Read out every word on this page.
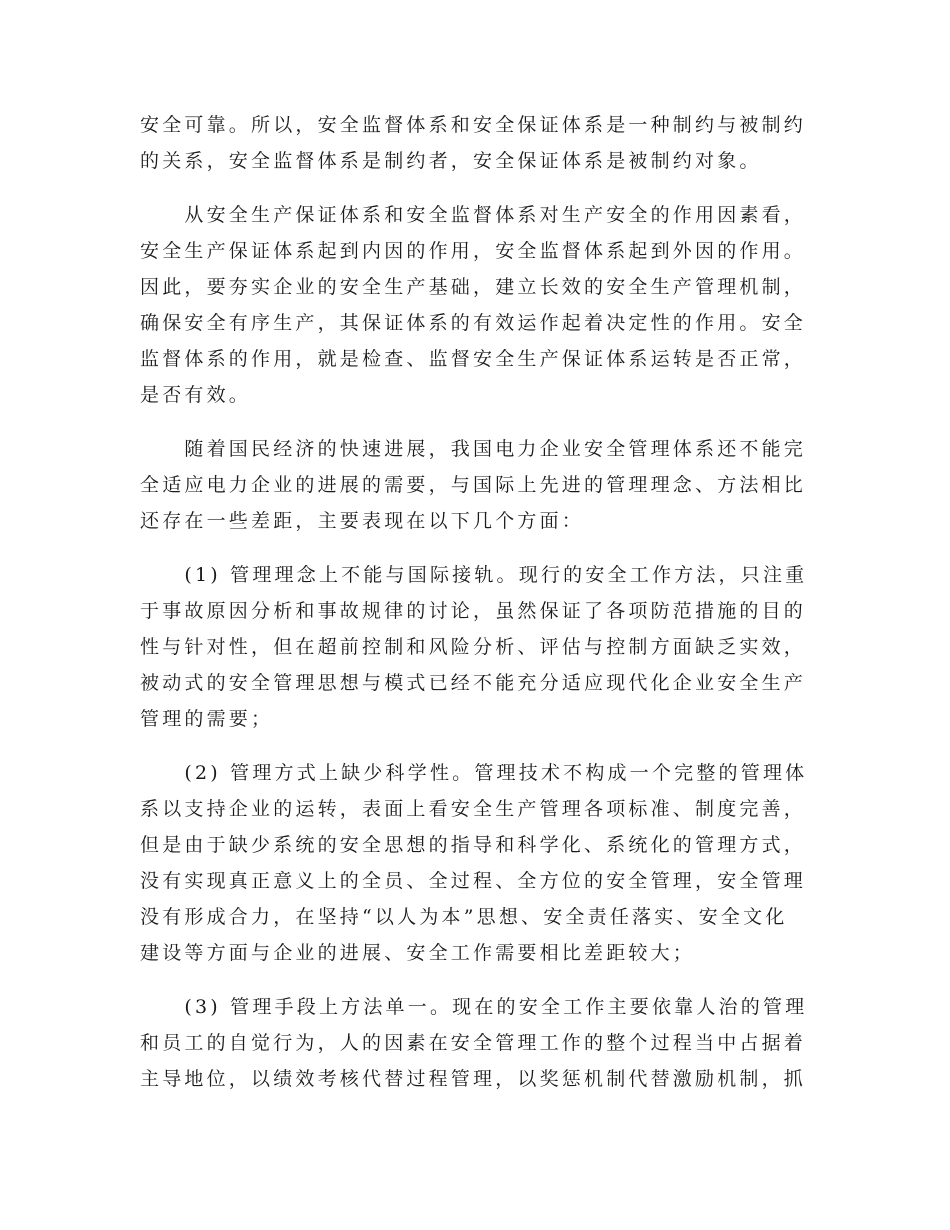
安全可靠。所以，安全监督体系和安全保证体系是一种制约与被制约
的关系，安全监督体系是制约者，安全保证体系是被制约对象。

　　从安全生产保证体系和安全监督体系对生产安全的作用因素看，
安全生产保证体系起到内因的作用，安全监督体系起到外因的作用。
因此，要夯实企业的安全生产基础，建立长效的安全生产管理机制，
确保安全有序生产，其保证体系的有效运作起着决定性的作用。安全
监督体系的作用，就是检查、监督安全生产保证体系运转是否正常，
是否有效。

　　随着国民经济的快速进展，我国电力企业安全管理体系还不能完
全适应电力企业的进展的需要，与国际上先进的管理理念、方法相比
还存在一些差距，主要表现在以下几个方面：

　　(1) 管理理念上不能与国际接轨。现行的安全工作方法，只注重
于事故原因分析和事故规律的讨论，虽然保证了各项防范措施的目的
性与针对性，但在超前控制和风险分析、评估与控制方面缺乏实效，
被动式的安全管理思想与模式已经不能充分适应现代化企业安全生产
管理的需要；

　　(2) 管理方式上缺少科学性。管理技术不构成一个完整的管理体
系以支持企业的运转，表面上看安全生产管理各项标准、制度完善，
但是由于缺少系统的安全思想的指导和科学化、系统化的管理方式，
没有实现真正意义上的全员、全过程、全方位的安全管理，安全管理
没有形成合力，在坚持“以人为本”思想、安全责任落实、安全文化
建设等方面与企业的进展、安全工作需要相比差距较大；

　　(3) 管理手段上方法单一。现在的安全工作主要依靠人治的管理
和员工的自觉行为，人的因素在安全管理工作的整个过程当中占据着
主导地位，以绩效考核代替过程管理，以奖惩机制代替激励机制，抓
